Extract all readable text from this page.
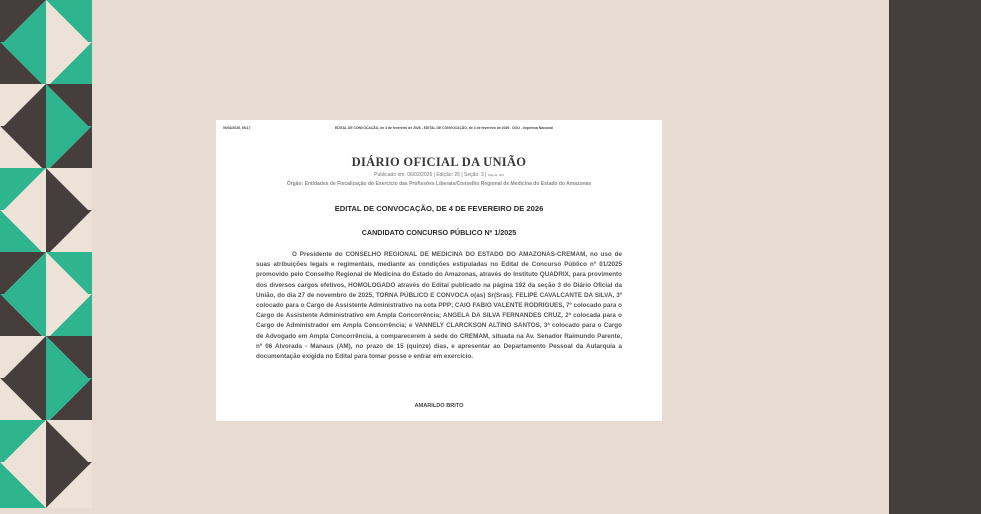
06/02/2026, 08:17	EDITAL DE CONVOCAÇÃO, de 4 de fevereiro de 2026 - EDITAL DE CONVOCAÇÃO, de 4 de fevereiro de 2026 - DOU - Imprensa Nacional
DIÁRIO OFICIAL DA UNIÃO
Publicado em: 06/02/2026 | Edição: 26 | Seção: 3 | Página: 263
Órgão: Entidades de Fiscalização do Exercício das Profissões Liberais/Conselho Regional de Medicina do Estado do Amazonas
EDITAL DE CONVOCAÇÃO, DE 4 DE FEVEREIRO DE 2026
CANDIDATO CONCURSO PÚBLICO Nº 1/2025

O Presidente do CONSELHO REGIONAL DE MEDICINA DO ESTADO DO AMAZONAS-CREMAM, no uso de suas atribuições legais e regimentais, mediante as condições estipuladas no Edital de Concurso Público nº 01/2025 promovido pelo Conselho Regional de Medicina do Estado do Amazonas, através do Instituto QUADRIX, para provimento dos diversos cargos efetivos, HOMOLOGADO através do Edital publicado na página 192 da seção 3 do Diário Oficial da União, do dia 27 de novembro de 2025, TORNA PÚBLICO E CONVOCA o(as) Sr(Sras). FELIPE CAVALCANTE DA SILVA, 3º colocado para o Cargo de Assistente Administrativo na cota PPP; CAIO FABIO VALENTE RODRIGUES, 7º colocado para o Cargo de Assistente Administrativo em Ampla Concorrência; ANGELA DA SILVA FERNANDES CRUZ, 2ª colocada para o Cargo de Administrador em Ampla Concorrência; e VANNELY CLARCKSON ALTINO SANTOS, 3ª colocado para o Cargo de Advogado em Ampla Concorrência, a comparecerem à sede do CREMAM, situada na Av. Senador Raimundo Parente, nº 06 Alvorada - Manaus (AM), no prazo de 15 (quinze) dias, e apresentar ao Departamento Pessoal da Autarquia a documentação exigida no Edital para tomar posse e entrar em exercício.

AMARILDO BRITO
